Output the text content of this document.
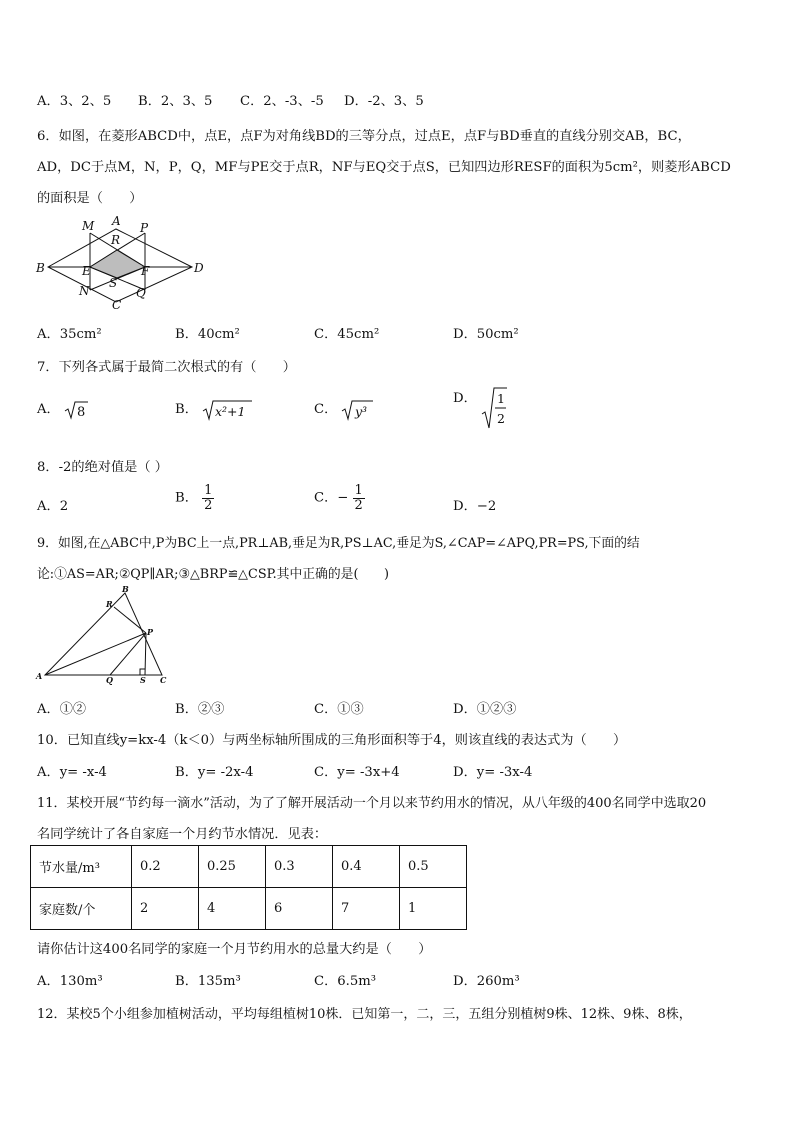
A．3、2、5 B．2、3、5 C．2、-3、-5 D．-2、3、5
6．如图，在菱形ABCD中，点E，点F为对角线BD的三等分点，过点E，点F与BD垂直的直线分别交AB，BC，
AD，DC于点M，N，P，Q，MF与PE交于点R，NF与EQ交于点S，已知四边形RESF的面积为5cm²，则菱形ABCD
的面积是（　　）
A
B	D
C
M	P
R
E	F
S
N	Q
A．35cm²	B．40cm²	C．45cm²	D．50cm²
7．下列各式属于最简二次根式的有（　　）
A． 8	B． x²+1	C． y³
D． 1
2
8．-2的绝对值是（ ）
A．2
B． $\frac{1}{2}$	C．− $\frac{1}{2}$	D．−2
9．如图,在△ABC中,P为BC上一点,PR⊥AB,垂足为R,PS⊥AC,垂足为S,∠CAP=∠APQ,PR=PS,下面的结
论:①AS=AR;②QP∥AR;③△BRP≌△CSP.其中正确的是(　　)
B
R
P
A	Q	S C
A．①②	B．②③	C．①③	D．①②③
10．已知直线y=kx-4（k＜0）与两坐标轴所围成的三角形面积等于4，则该直线的表达式为（　　）
A．y= -x-4	B．y= -2x-4	C．y= -3x+4	D．y= -3x-4
11．某校开展“节约每一滴水”活动，为了了解开展活动一个月以来节约用水的情况，从八年级的400名同学中选取20
名同学统计了各自家庭一个月约节水情况．见表：
节水量/m³	0.2	0.25	0.3	0.4	0.5
家庭数/个	2	4	6	7	1
请你估计这400名同学的家庭一个月节约用水的总量大约是（　　）
A．130m³	B．135m³	C．6.5m³	D．260m³
12．某校5个小组参加植树活动，平均每组植树10株．已知第一，二，三，五组分别植树9株、12株、9株、8株，
